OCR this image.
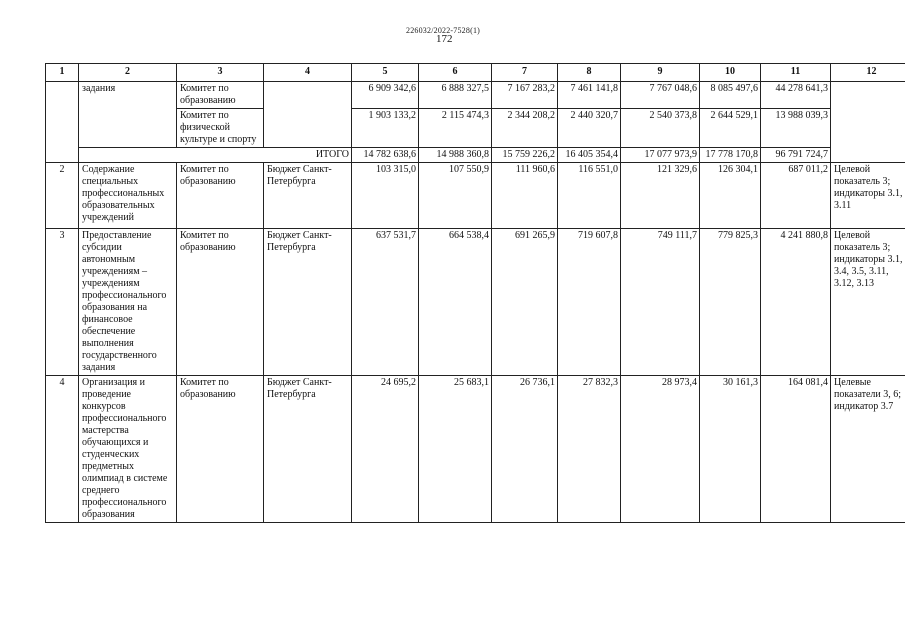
226032/2022-7528(1)
172
1	2	3	4	5	6	7	8	9	10	11	12
	задания	Комитет по образованию		6 909 342,6	6 888 327,5	7 167 283,2	7 461 141,8	7 767 048,6	8 085 497,6	44 278 641,3	
		Комитет по физической культуре и спорту		1 903 133,2	2 115 474,3	2 344 208,2	2 440 320,7	2 540 373,8	2 644 529,1	13 988 039,3	
	ИТОГО			14 782 638,6	14 988 360,8	15 759 226,2	16 405 354,4	17 077 973,9	17 778 170,8	96 791 724,7	
2	Содержание специальных профессиональных образовательных учреждений	Комитет по образованию	Бюджет Санкт-Петербурга	103 315,0	107 550,9	111 960,6	116 551,0	121 329,6	126 304,1	687 011,2	Целевой показатель 3; индикаторы 3.1, 3.11
3	Предоставление субсидии автономным учреждениям – учреждениям профессионального образования на финансовое обеспечение выполнения государственного задания	Комитет по образованию	Бюджет Санкт-Петербурга	637 531,7	664 538,4	691 265,9	719 607,8	749 111,7	779 825,3	4 241 880,8	Целевой показатель 3; индикаторы 3.1, 3.4, 3.5, 3.11, 3.12, 3.13
4	Организация и проведение конкурсов профессионального мастерства обучающихся и студенческих предметных олимпиад в системе среднего профессионального образования	Комитет по образованию	Бюджет Санкт-Петербурга	24 695,2	25 683,1	26 736,1	27 832,3	28 973,4	30 161,3	164 081,4	Целевые показатели 3, 6; индикатор 3.7
